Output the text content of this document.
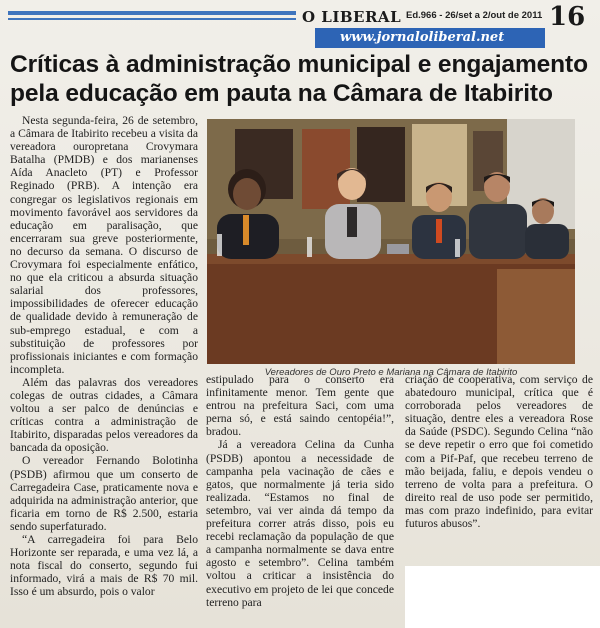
O LIBERAL Ed.966 - 26/set a 2/out de 2011 16
www.jornaloliberal.net
Críticas à administração municipal e engajamento pela educação em pauta na Câmara de Itabirito

Nesta segunda-feira, 26 de setembro, a Câmara de Itabirito recebeu a visita da vereadora ouropretana Crovymara Batalha (PMDB) e dos marianenses Aída Anacleto (PT) e Professor Reginado (PRB). A intenção era congregar os legislativos regionais em movimento favorável aos servidores da educação em paralisação, que encerraram sua greve posteriormente, no decurso da semana. O discurso de Crovymara foi especialmente enfático, no que ela criticou a absurda situação salarial dos professores, impossibilidades de oferecer educação de qualidade devido à remuneração de sub-emprego estadual, e com a substituição de professores por profissionais iniciantes e com formação incompleta.

Além das palavras dos vereadores colegas de outras cidades, a Câmara voltou a ser palco de denúncias e críticas contra a administração de Itabirito, disparadas pelos vereadores da bancada da oposição.

O vereador Fernando Bolotinha (PSDB) afirmou que um conserto de Carregadeira Case, praticamente nova e adquirida na administração anterior, que ficaria em torno de R$ 2.500, estaria sendo superfaturado.

“A carregadeira foi para Belo Horizonte ser reparada, e uma vez lá, a nota fiscal do conserto, segundo fui informado, virá a mais de R$ 70 mil. Isso é um absurdo, pois o valor

Vereadores de Ouro Preto e Mariana na Câmara de Itabirito

estipulado para o conserto era infinitamente menor. Tem gente que entrou na prefeitura Saci, com uma perna só, e está saindo centopéia!”, bradou.

Já a vereadora Celina da Cunha (PSDB) apontou a necessidade de campanha pela vacinação de cães e gatos, que normalmente já teria sido realizada. “Estamos no final de setembro, vai ver ainda dá tempo da prefeitura correr atrás disso, pois eu recebi reclamação da população de que a campanha normalmente se dava entre agosto e setembro”. Celina também voltou a criticar a insistência do executivo em projeto de lei que concede terreno para

criação de cooperativa, com serviço de abatedouro municipal, crítica que é corroborada pelos vereadores de situação, dentre eles a vereadora Rose da Saúde (PSDC). Segundo Celina “não se deve repetir o erro que foi cometido com a Pif-Paf, que recebeu terreno de mão beijada, faliu, e depois vendeu o terreno de volta para a prefeitura. O direito real de uso pode ser permitido, mas com prazo indefinido, para evitar futuros abusos”.
